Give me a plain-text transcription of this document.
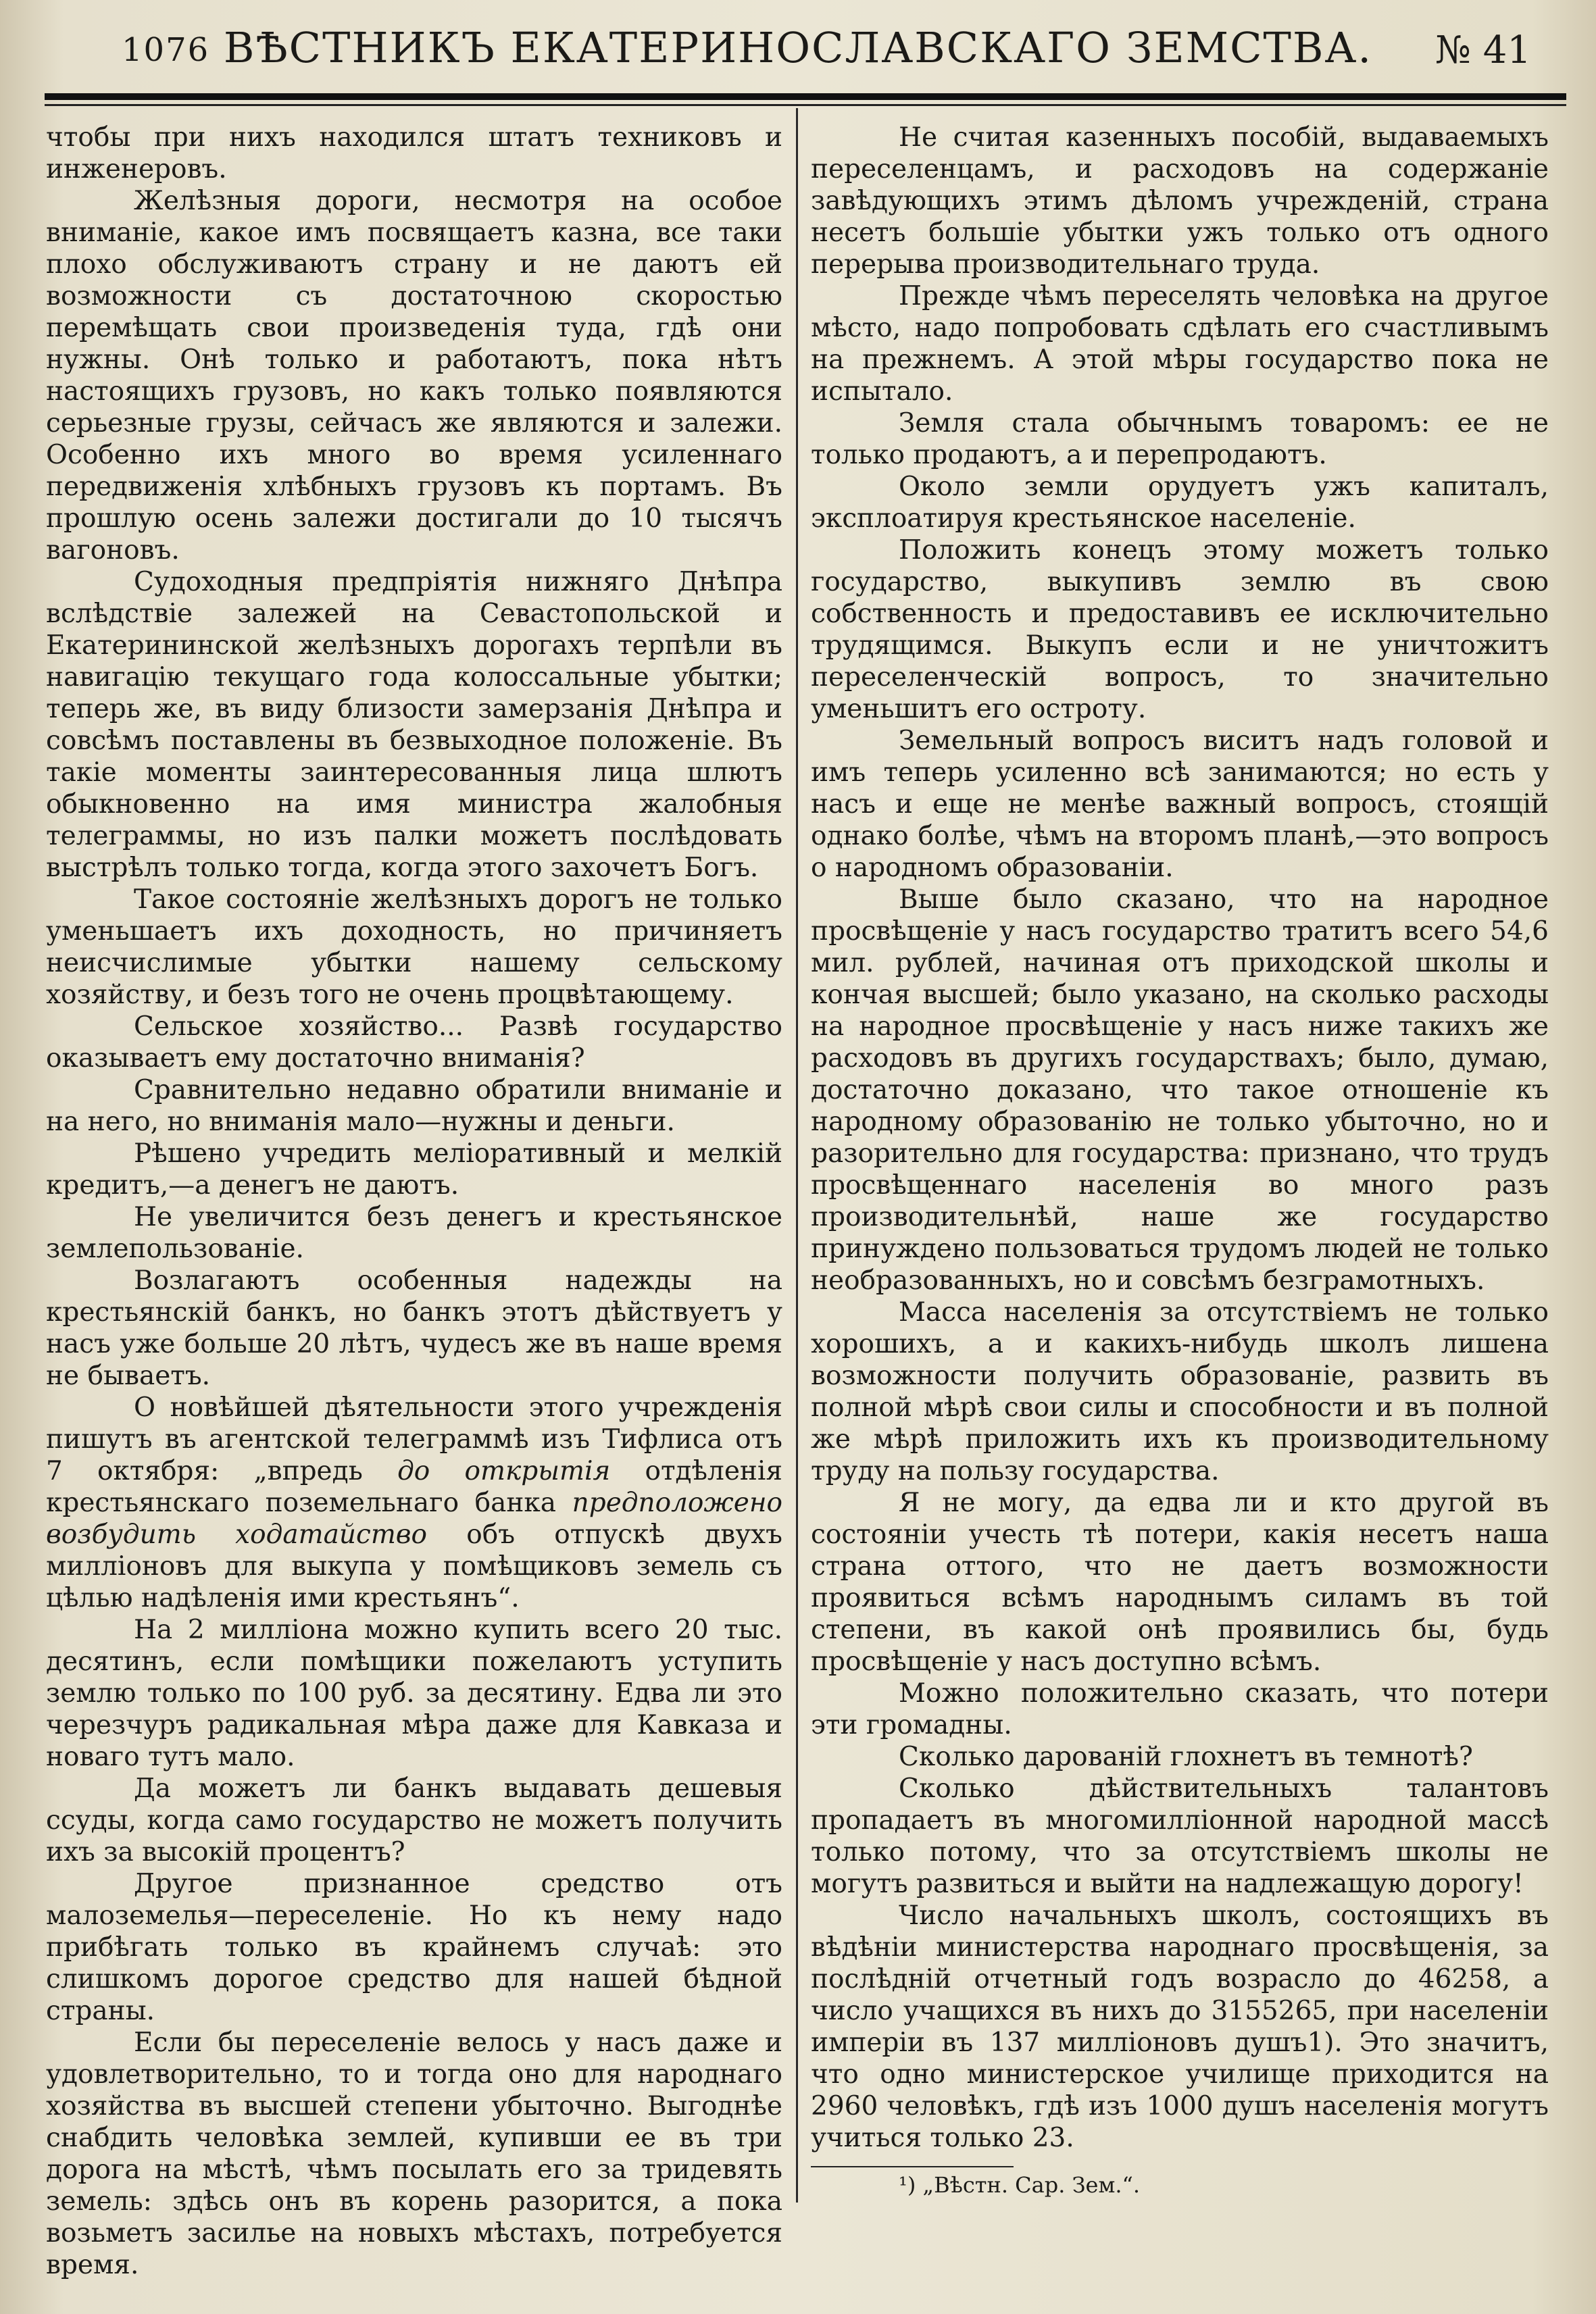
1076 ВѢСТНИКЪ ЕКАТЕРИНОСЛАВСКАГО ЗЕМСТВА.	№ 41

чтобы при нихъ находился штатъ техниковъ и инженеровъ.

Желѣзныя дороги, несмотря на особое вниманіе, какое имъ посвящаетъ казна, все таки плохо обслуживаютъ страну и не даютъ ей возможности съ достаточною скоростью перемѣщать свои произведенія туда, гдѣ они нужны. Онѣ только и работаютъ, пока нѣтъ настоящихъ грузовъ, но какъ только появляются серьезные грузы, сейчасъ же являются и залежи. Особенно ихъ много во время усиленнаго передвиженія хлѣбныхъ грузовъ къ портамъ. Въ прошлую осень залежи достигали до 10 тысячъ вагоновъ.

Судоходныя предпріятія нижняго Днѣпра вслѣдствіе залежей на Севастопольской и Екатерининской желѣзныхъ дорогахъ терпѣли въ навигацію текущаго года колоссальные убытки; теперь же, въ виду близости замерзанія Днѣпра и совсѣмъ поставлены въ безвыходное положеніе. Въ такіе моменты заинтересованныя лица шлютъ обыкновенно на имя министра жалобныя телеграммы, но изъ палки можетъ послѣдовать выстрѣлъ только тогда, когда этого захочетъ Богъ.

Такое состояніе желѣзныхъ дорогъ не только уменьшаетъ ихъ доходность, но причиняетъ неисчислимые убытки нашему сельскому хозяйству, и безъ того не очень процвѣтающему.

Сельское хозяйство... Развѣ государство оказываетъ ему достаточно вниманія?

Сравнительно недавно обратили вниманіе и на него, но вниманія мало—нужны и деньги.

Рѣшено учредить меліоративный и мелкій кредитъ,—а денегъ не даютъ.

Не увеличится безъ денегъ и крестьянское землепользованіе.

Возлагаютъ особенныя надежды на крестьянскій банкъ, но банкъ этотъ дѣйствуетъ у насъ уже больше 20 лѣтъ, чудесъ же въ наше время не бываетъ.

О новѣйшей дѣятельности этого учрежденія пишутъ въ агентской телеграммѣ изъ Тифлиса отъ 7 октября: „впредь до открытія отдѣленія крестьянскаго поземельнаго банка предположено возбудить ходатайство объ отпускѣ двухъ милліоновъ для выкупа у помѣщиковъ земель съ цѣлью надѣленія ими крестьянъ“.

На 2 милліона можно купить всего 20 тыс. десятинъ, если помѣщики пожелаютъ уступить землю только по 100 руб. за десятину. Едва ли это черезчуръ радикальная мѣра даже для Кавказа и новаго тутъ мало.

Да можетъ ли банкъ выдавать дешевыя ссуды, когда само государство не можетъ получить ихъ за высокій процентъ?

Другое признанное средство отъ малоземелья—переселеніе. Но къ нему надо прибѣгать только въ крайнемъ случаѣ: это слишкомъ дорогое средство для нашей бѣдной страны.

Если бы переселеніе велось у насъ даже и удовлетворительно, то и тогда оно для народнаго хозяйства въ высшей степени убыточно. Выгоднѣе снабдить человѣка землей, купивши ее въ три дорога на мѣстѣ, чѣмъ посылать его за тридевять земель: здѣсь онъ въ корень разорится, а пока возьметъ засилье на новыхъ мѣстахъ, потребуется время.

Не считая казенныхъ пособій, выдаваемыхъ переселенцамъ, и расходовъ на содержаніе завѣдующихъ этимъ дѣломъ учрежденій, страна несетъ большіе убытки ужъ только отъ одного перерыва производительнаго труда.

Прежде чѣмъ переселять человѣка на другое мѣсто, надо попробовать сдѣлать его счастливымъ на прежнемъ. А этой мѣры государство пока не испытало.

Земля стала обычнымъ товаромъ: ее не только продаютъ, а и перепродаютъ.

Около земли орудуетъ ужъ капиталъ, эксплоатируя крестьянское населеніе.

Положить конецъ этому можетъ только государство, выкупивъ землю въ свою собственность и предоставивъ ее исключительно трудящимся. Выкупъ если и не уничтожитъ переселенческій вопросъ, то значительно уменьшитъ его остроту.

Земельный вопросъ виситъ надъ головой и имъ теперь усиленно всѣ занимаются; но есть у насъ и еще не менѣе важный вопросъ, стоящій однако болѣе, чѣмъ на второмъ планѣ,—это вопросъ о народномъ образованіи.

Выше было сказано, что на народное просвѣщеніе у насъ государство тратитъ всего 54,6 мил. рублей, начиная отъ приходской школы и кончая высшей; было указано, на сколько расходы на народное просвѣщеніе у насъ ниже такихъ же расходовъ въ другихъ государствахъ; было, думаю, достаточно доказано, что такое отношеніе къ народному образованію не только убыточно, но и разорительно для государства: признано, что трудъ просвѣщеннаго населенія во много разъ производительнѣй, наше же государство принуждено пользоваться трудомъ людей не только необразованныхъ, но и совсѣмъ безграмотныхъ.

Масса населенія за отсутствіемъ не только хорошихъ, а и какихъ-нибудь школъ лишена возможности получить образованіе, развить въ полной мѣрѣ свои силы и способности и въ полной же мѣрѣ приложить ихъ къ производительному труду на пользу государства.

Я не могу, да едва ли и кто другой въ состояніи учесть тѣ потери, какія несетъ наша страна оттого, что не даетъ возможности проявиться всѣмъ народнымъ силамъ въ той степени, въ какой онѣ проявились бы, будь просвѣщеніе у насъ доступно всѣмъ.

Можно положительно сказать, что потери эти громадны.

Сколько дарованій глохнетъ въ темнотѣ?

Сколько дѣйствительныхъ талантовъ пропадаетъ въ многомилліонной народной массѣ только потому, что за отсутствіемъ школы не могутъ развиться и выйти на надлежащую дорогу!

Число начальныхъ школъ, состоящихъ въ вѣдѣніи министерства народнаго просвѣщенія, за послѣдній отчетный годъ возрасло до 46258, а число учащихся въ нихъ до 3155265, при населеніи имперіи въ 137 милліоновъ душъ1). Это значитъ, что одно министерское училище приходится на 2960 человѣкъ, гдѣ изъ 1000 душъ населенія могутъ учиться только 23.

¹) „Вѣстн. Сар. Зем.“.
